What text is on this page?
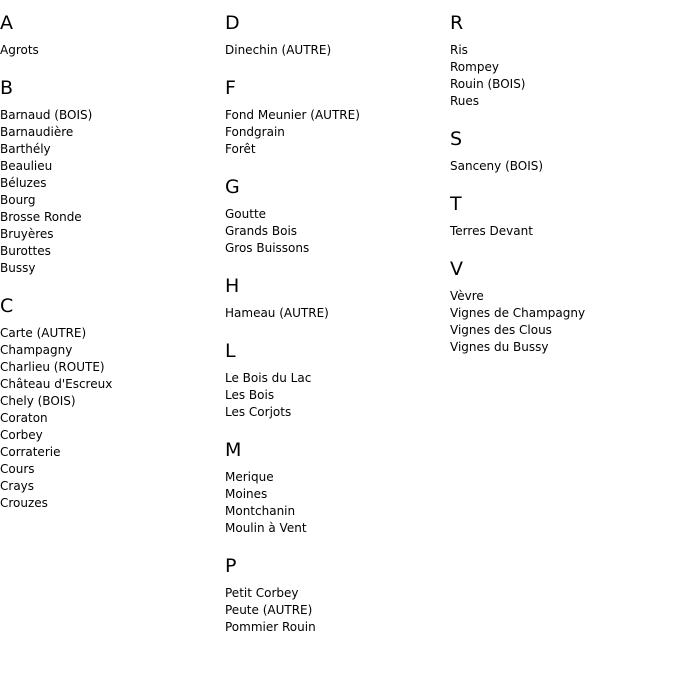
A
Agrots
B
Barnaud (BOIS)
Barnaudière
Barthély
Beaulieu
Béluzes
Bourg
Brosse Ronde
Bruyères
Burottes
Bussy
C
Carte (AUTRE)
Champagny
Charlieu (ROUTE)
Château d'Escreux
Chely (BOIS)
Coraton
Corbey
Corraterie
Cours
Crays
Crouzes
D
Dinechin (AUTRE)
F
Fond Meunier (AUTRE)
Fondgrain
Forêt
G
Goutte
Grands Bois
Gros Buissons
H
Hameau (AUTRE)
L
Le Bois du Lac
Les Bois
Les Corjots
M
Merique
Moines
Montchanin
Moulin à Vent
P
Petit Corbey
Peute (AUTRE)
Pommier Rouin
R
Ris
Rompey
Rouin (BOIS)
Rues
S
Sanceny (BOIS)
T
Terres Devant
V
Vèvre
Vignes de Champagny
Vignes des Clous
Vignes du Bussy
